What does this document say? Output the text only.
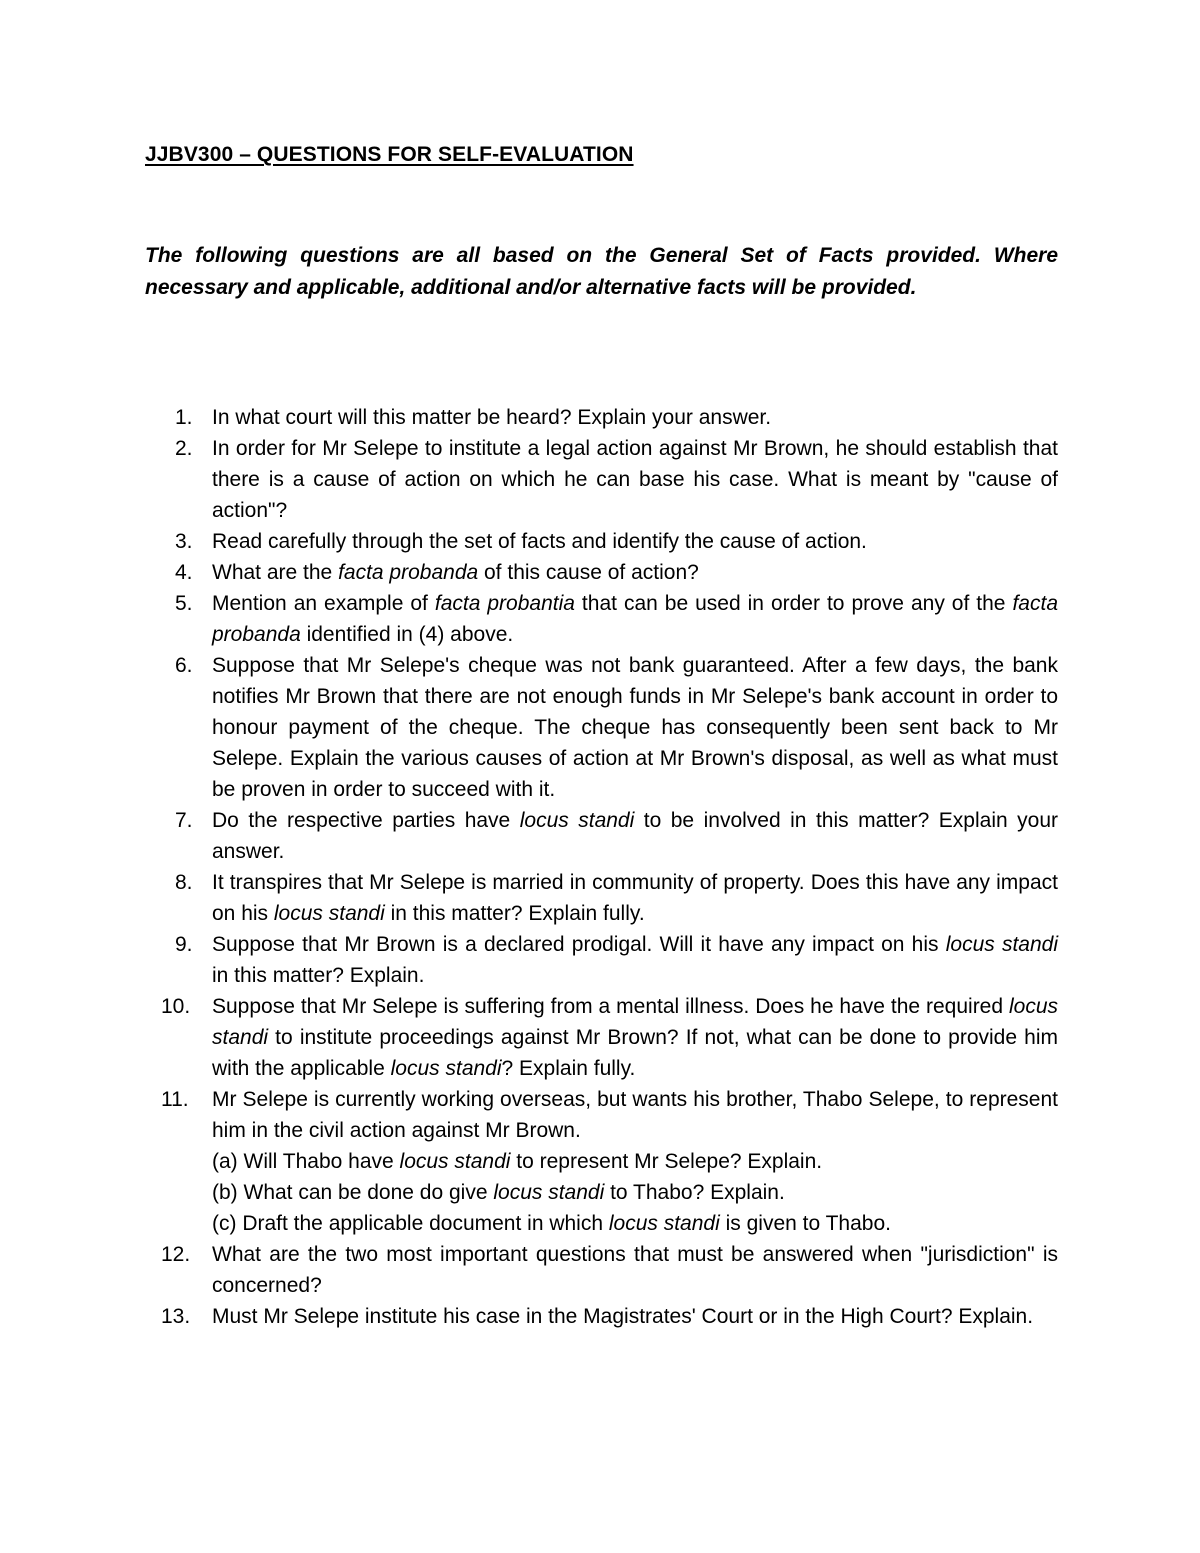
JJBV300 – QUESTIONS FOR SELF-EVALUATION
The following questions are all based on the General Set of Facts provided. Where necessary and applicable, additional and/or alternative facts will be provided.
1. In what court will this matter be heard? Explain your answer.
2. In order for Mr Selepe to institute a legal action against Mr Brown, he should establish that there is a cause of action on which he can base his case. What is meant by "cause of action"?
3. Read carefully through the set of facts and identify the cause of action.
4. What are the facta probanda of this cause of action?
5. Mention an example of facta probantia that can be used in order to prove any of the facta probanda identified in (4) above.
6. Suppose that Mr Selepe's cheque was not bank guaranteed. After a few days, the bank notifies Mr Brown that there are not enough funds in Mr Selepe's bank account in order to honour payment of the cheque. The cheque has consequently been sent back to Mr Selepe. Explain the various causes of action at Mr Brown's disposal, as well as what must be proven in order to succeed with it.
7. Do the respective parties have locus standi to be involved in this matter? Explain your answer.
8. It transpires that Mr Selepe is married in community of property. Does this have any impact on his locus standi in this matter? Explain fully.
9. Suppose that Mr Brown is a declared prodigal. Will it have any impact on his locus standi in this matter? Explain.
10. Suppose that Mr Selepe is suffering from a mental illness. Does he have the required locus standi to institute proceedings against Mr Brown? If not, what can be done to provide him with the applicable locus standi? Explain fully.
11. Mr Selepe is currently working overseas, but wants his brother, Thabo Selepe, to represent him in the civil action against Mr Brown.
(a) Will Thabo have locus standi to represent Mr Selepe? Explain.
(b) What can be done do give locus standi to Thabo? Explain.
(c) Draft the applicable document in which locus standi is given to Thabo.
12. What are the two most important questions that must be answered when "jurisdiction" is concerned?
13. Must Mr Selepe institute his case in the Magistrates' Court or in the High Court? Explain.
